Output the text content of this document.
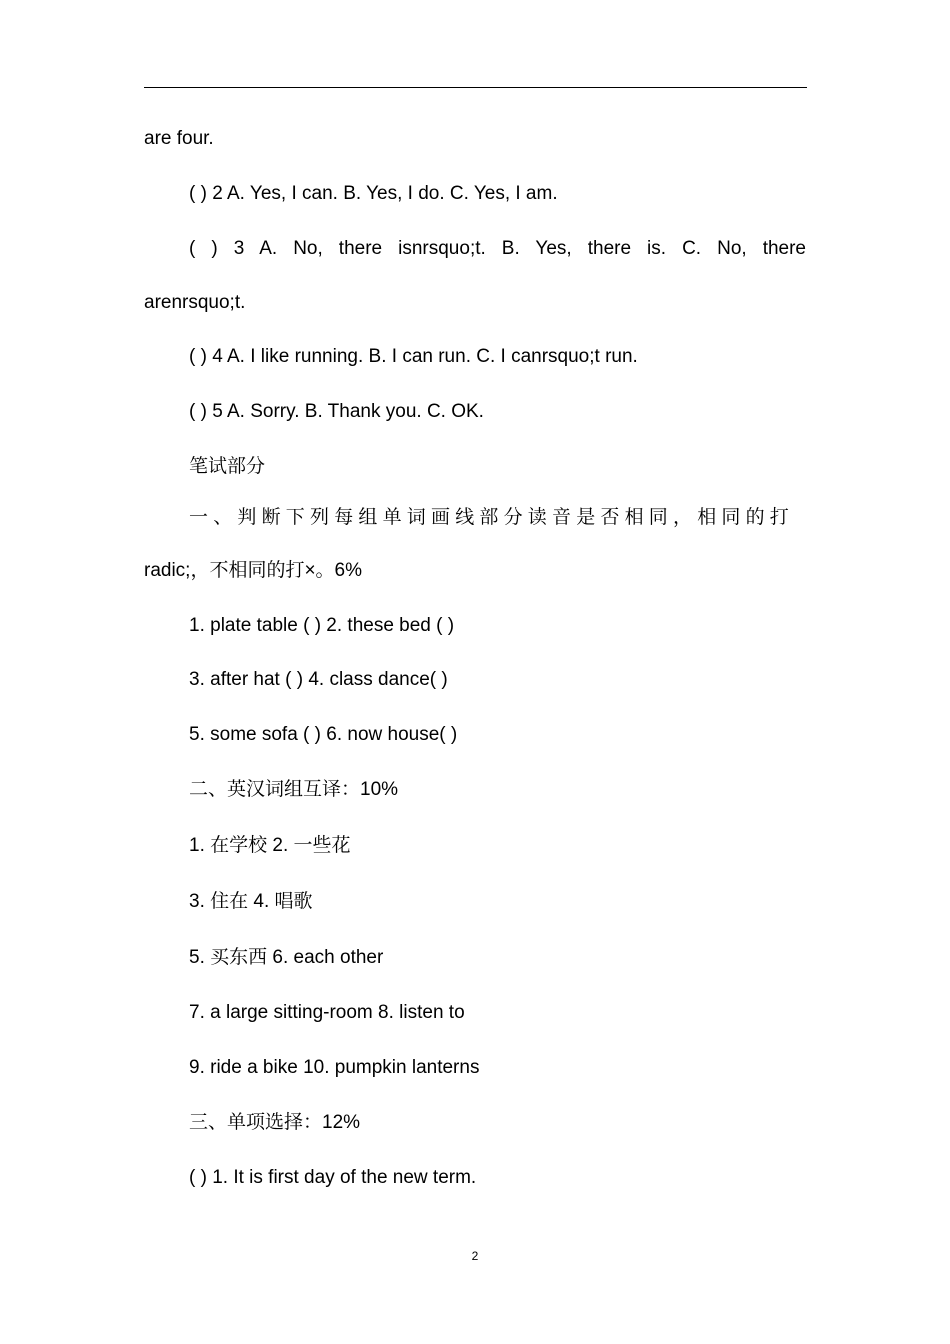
are four.
( ) 2 A. Yes, I can. B. Yes, I do. C. Yes, I am.
( ) 3 A. No, there isnrsquo;t. B. Yes, there is. C. No, there
arenrsquo;t.
( ) 4 A. I like running. B. I can run. C. I canrsquo;t run.
( ) 5 A. Sorry. B. Thank you. C. OK.
笔试部分
一、判断下列每组单词画线部分读音是否相同，相同的打
radic;，不相同的打×。6%
1. plate table ( ) 2. these bed ( )
3. after hat ( ) 4. class dance( )
5. some sofa ( ) 6. now house( )
二、英汉词组互译：10%
1. 在学校 2. 一些花
3. 住在 4. 唱歌
5. 买东西 6. each other
7. a large sitting-room 8. listen to
9. ride a bike 10. pumpkin lanterns
三、单项选择：12%
( ) 1. It is first day of the new term.
2
